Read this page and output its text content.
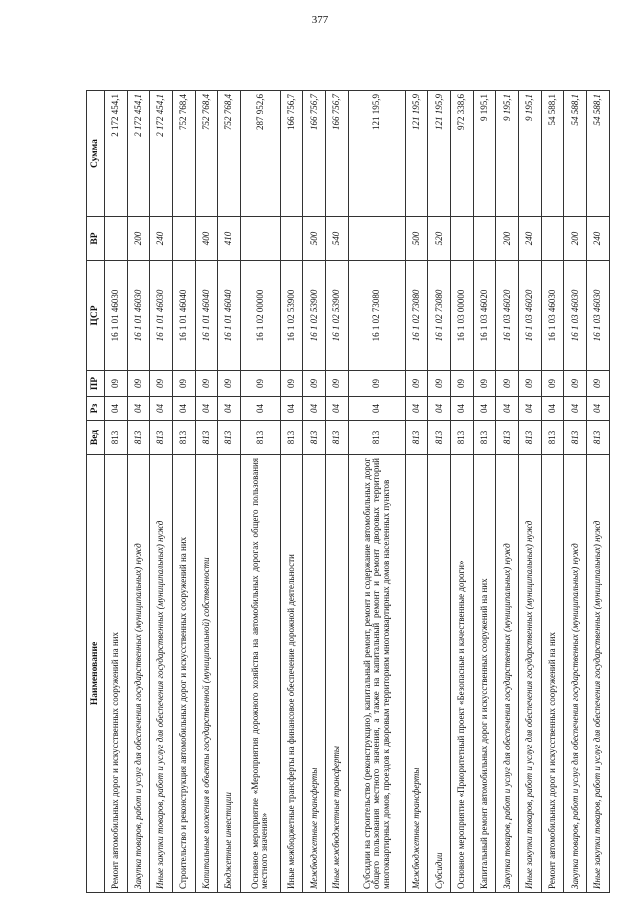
377
Наименование	Вед	Рз	ПР	ЦСР	ВР	Сумма
Ремонт автомобильных дорог и искусственных сооружений на них	813	04	09	16 1 01 46030		2 172 454,1
Закупка товаров, работ и услуг для обеспечения государственных (муниципальных) нужд	813	04	09	16 1 01 46030	200	2 172 454,1
Иные закупки товаров, работ и услуг для обеспечения государственных (муниципальных) нужд	813	04	09	16 1 01 46030	240	2 172 454,1
Строительство и реконструкция автомобильных дорог и искусственных сооружений на них	813	04	09	16 1 01 46040		752 768,4
Капитальные вложения в объекты государственной (муниципальной) собственности	813	04	09	16 1 01 46040	400	752 768,4
Бюджетные инвестиции	813	04	09	16 1 01 46040	410	752 768,4
Основное мероприятие «Мероприятия дорожного хозяйства на автомобильных дорогах общего пользования местного значения»	813	04	09	16 1 02 00000		287 952,6
Иные межбюджетные трансферты на финансовое обеспечение дорожной деятельности	813	04	09	16 1 02 53900		166 756,7
Межбюджетные трансферты	813	04	09	16 1 02 53900	500	166 756,7
Иные межбюджетные трансферты	813	04	09	16 1 02 53900	540	166 756,7
Субсидии на строительство (реконструкцию), капитальный ремонт, ремонт и содержание автомобильных дорог общего пользования местного значения, а также на капитальный ремонт и ремонт дворовых территорий многоквартирных домов, проездов к дворовым территориям многоквартирных домов населенных пунктов	813	04	09	16 1 02 73080		121 195,9
Межбюджетные трансферты	813	04	09	16 1 02 73080	500	121 195,9
Субсидии	813	04	09	16 1 02 73080	520	121 195,9
Основное мероприятие «Приоритетный проект «Безопасные и качественные дороги»	813	04	09	16 1 03 00000		972 338,6
Капитальный ремонт автомобильных дорог и искусственных сооружений на них	813	04	09	16 1 03 46020		9 195,1
Закупка товаров, работ и услуг для обеспечения государственных (муниципальных) нужд	813	04	09	16 1 03 46020	200	9 195,1
Иные закупки товаров, работ и услуг для обеспечения государственных (муниципальных) нужд	813	04	09	16 1 03 46020	240	9 195,1
Ремонт автомобильных дорог и искусственных сооружений на них	813	04	09	16 1 03 46030		54 588,1
Закупка товаров, работ и услуг для обеспечения государственных (муниципальных) нужд	813	04	09	16 1 03 46030	200	54 588,1
Иные закупки товаров, работ и услуг для обеспечения государственных (муниципальных) нужд	813	04	09	16 1 03 46030	240	54 588,1
